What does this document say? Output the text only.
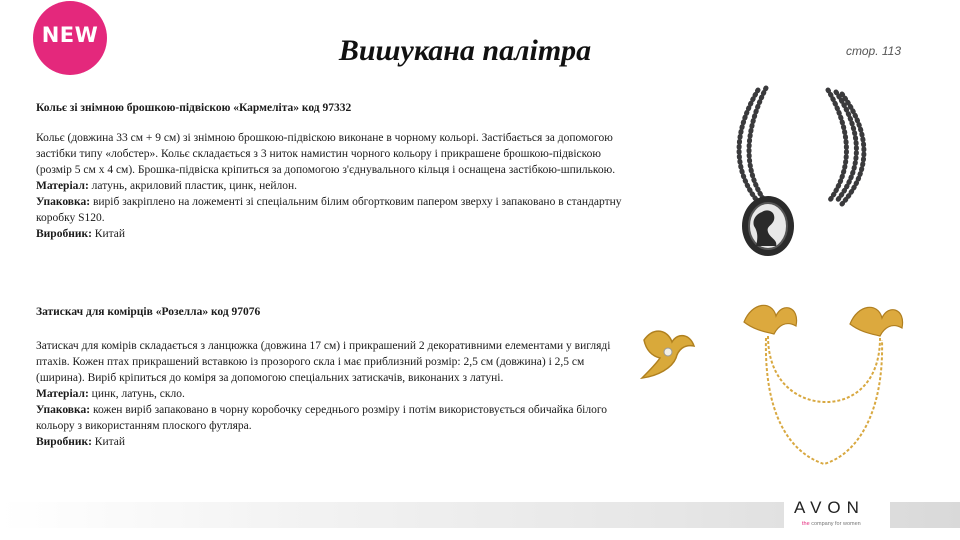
NEW	Вишукана палітра	стор. 113

Кольє зі знімною брошкою-підвіскою «Кармеліта» код 97332

Кольє (довжина 33 см + 9 см) зі знімною брошкою-підвіскою виконане в чорному кольорі. Застібається за допомогою застібки типу «лобстер». Кольє складається з 3 ниток намистин чорного кольору і прикрашене брошкою-підвіскою (розмір 5 см х 4 см). Брошка-підвіска кріпиться за допомогою з'єднувального кільця і оснащена застібкою-шпилькою.

Матеріал: латунь, акриловий пластик, цинк, нейлон.

Упаковка: виріб закріплено на ложементі зі спеціальним білим обгортковим папером зверху і запаковано в стандартну коробку S120.

Виробник: Китай

Затискач для комірців «Розелла» код 97076

Затискач для комірів складається з ланцюжка (довжина 17 см) і прикрашений 2 декоративними елементами у вигляді птахів. Кожен птах прикрашений вставкою із прозорого скла і має приблизний розмір: 2,5 см (довжина) і 2,5 см (ширина). Виріб кріпиться до коміря за допомогою спеціальних затискачів, виконаних з латуні.

Матеріал: цинк, латунь, скло.

Упаковка: кожен виріб запаковано в чорну коробочку середнього розміру і потім використовується обичайка білого кольору з використанням плоского футляра.

Виробник: Китай

AVON
the company for women
